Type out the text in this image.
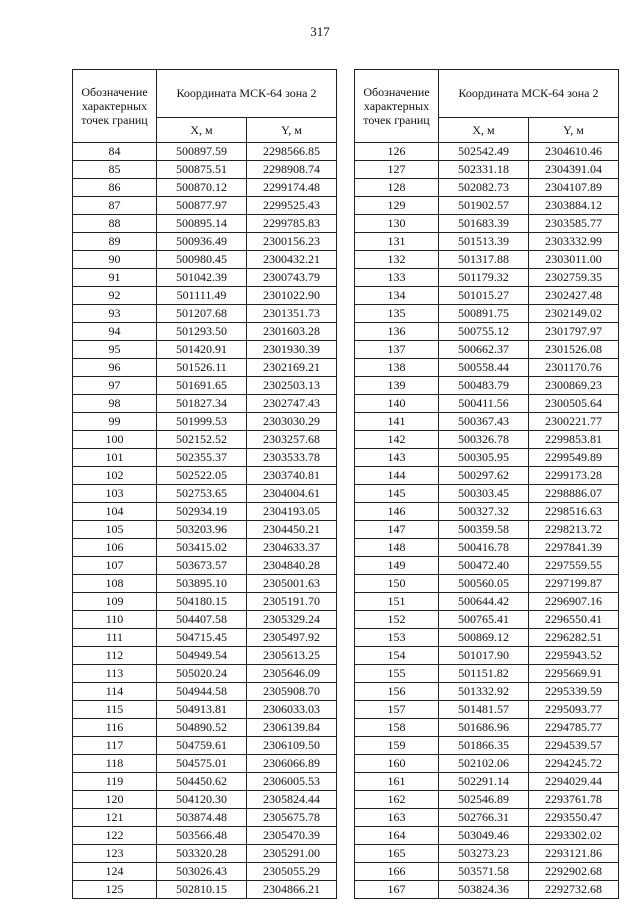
317
Обозначение характерных точек границ	Координата МСК-64 зона 2	
	X, м	Y, м
84	500897.59	2298566.85
85	500875.51	2298908.74
86	500870.12	2299174.48
87	500877.97	2299525.43
88	500895.14	2299785.83
89	500936.49	2300156.23
90	500980.45	2300432.21
91	501042.39	2300743.79
92	501111.49	2301022.90
93	501207.68	2301351.73
94	501293.50	2301603.28
95	501420.91	2301930.39
96	501526.11	2302169.21
97	501691.65	2302503.13
98	501827.34	2302747.43
99	501999.53	2303030.29
100	502152.52	2303257.68
101	502355.37	2303533.78
102	502522.05	2303740.81
103	502753.65	2304004.61
104	502934.19	2304193.05
105	503203.96	2304450.21
106	503415.02	2304633.37
107	503673.57	2304840.28
108	503895.10	2305001.63
109	504180.15	2305191.70
110	504407.58	2305329.24
111	504715.45	2305497.92
112	504949.54	2305613.25
113	505020.24	2305646.09
114	504944.58	2305908.70
115	504913.81	2306033.03
116	504890.52	2306139.84
117	504759.61	2306109.50
118	504575.01	2306066.89
119	504450.62	2306005.53
120	504120.30	2305824.44
121	503874.48	2305675.78
122	503566.48	2305470.39
123	503320.28	2305291.00
124	503026.43	2305055.29
125	502810.15	2304866.21
Обозначение характерных точек границ	Координата МСК-64 зона 2	
	X, м	Y, м
126	502542.49	2304610.46
127	502331.18	2304391.04
128	502082.73	2304107.89
129	501902.57	2303884.12
130	501683.39	2303585.77
131	501513.39	2303332.99
132	501317.88	2303011.00
133	501179.32	2302759.35
134	501015.27	2302427.48
135	500891.75	2302149.02
136	500755.12	2301797.97
137	500662.37	2301526.08
138	500558.44	2301170.76
139	500483.79	2300869.23
140	500411.56	2300505.64
141	500367.43	2300221.77
142	500326.78	2299853.81
143	500305.95	2299549.89
144	500297.62	2299173.28
145	500303.45	2298886.07
146	500327.32	2298516.63
147	500359.58	2298213.72
148	500416.78	2297841.39
149	500472.40	2297559.55
150	500560.05	2297199.87
151	500644.42	2296907.16
152	500765.41	2296550.41
153	500869.12	2296282.51
154	501017.90	2295943.52
155	501151.82	2295669.91
156	501332.92	2295339.59
157	501481.57	2295093.77
158	501686.96	2294785.77
159	501866.35	2294539.57
160	502102.06	2294245.72
161	502291.14	2294029.44
162	502546.89	2293761.78
163	502766.31	2293550.47
164	503049.46	2293302.02
165	503273.23	2293121.86
166	503571.58	2292902.68
167	503824.36	2292732.68
